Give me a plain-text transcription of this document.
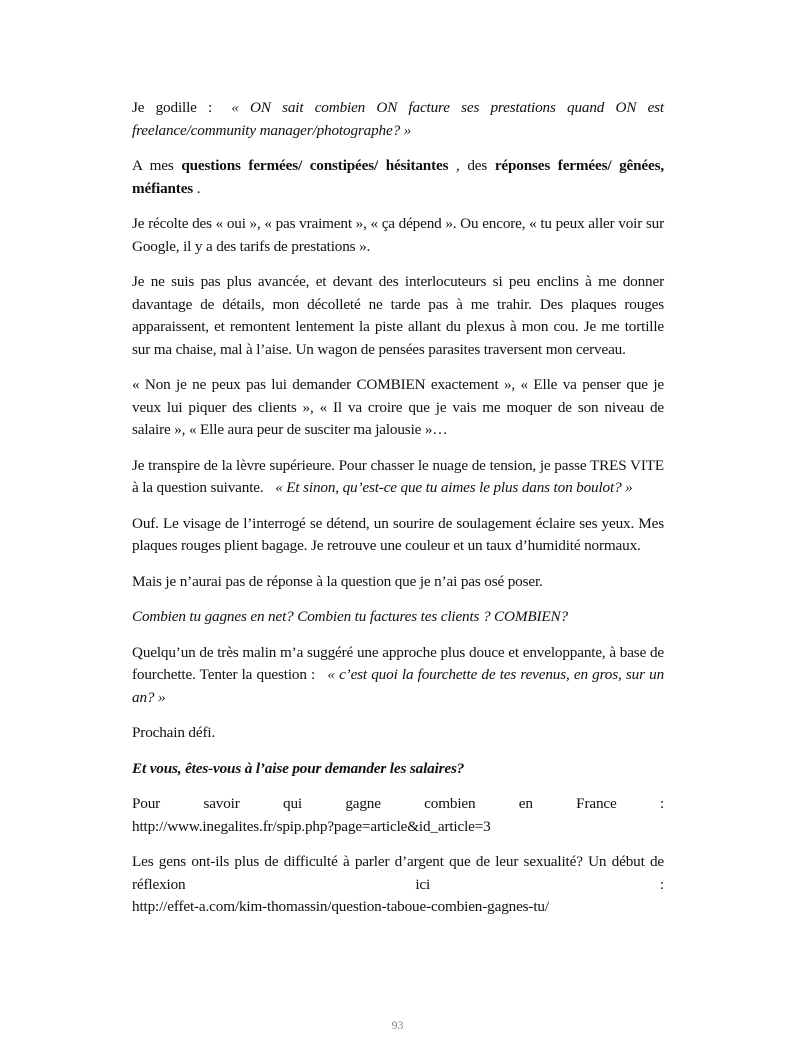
Je godille : « ON sait combien ON facture ses prestations quand ON est freelance/community manager/photographe? »

A mes questions fermées/ constipées/ hésitantes , des réponses fermées/ gênées, méfiantes .

Je récolte des « oui », « pas vraiment », « ça dépend ». Ou encore, « tu peux aller voir sur Google, il y a des tarifs de prestations ».

Je ne suis pas plus avancée, et devant des interlocuteurs si peu enclins à me donner davantage de détails, mon décolleté ne tarde pas à me trahir. Des plaques rouges apparaissent, et remontent lentement la piste allant du plexus à mon cou. Je me tortille sur ma chaise, mal à l’aise. Un wagon de pensées parasites traversent mon cerveau.

« Non je ne peux pas lui demander COMBIEN exactement », « Elle va penser que je veux lui piquer des clients », « Il va croire que je vais me moquer de son niveau de salaire », « Elle aura peur de susciter ma jalousie »…

Je transpire de la lèvre supérieure. Pour chasser le nuage de tension, je passe TRES VITE à la question suivante. « Et sinon, qu’est-ce que tu aimes le plus dans ton boulot? »

Ouf. Le visage de l’interrogé se détend, un sourire de soulagement éclaire ses yeux. Mes plaques rouges plient bagage. Je retrouve une couleur et un taux d’humidité normaux.

Mais je n’aurai pas de réponse à la question que je n’ai pas osé poser.

Combien tu gagnes en net? Combien tu factures tes clients ? COMBIEN?

Quelqu’un de très malin m’a suggéré une approche plus douce et enveloppante, à base de fourchette. Tenter la question : « c’est quoi la fourchette de tes revenus, en gros, sur un an? »

Prochain défi.

Et vous, êtes-vous à l’aise pour demander les salaires?

Pour savoir qui gagne combien en France :
http://www.inegalites.fr/spip.php?page=article&id_article=3

Les gens ont-ils plus de difficulté à parler d’argent que de leur sexualité? Un début de réflexion ici :
http://effet-a.com/kim-thomassin/question-taboue-combien-gagnes-tu/

93
